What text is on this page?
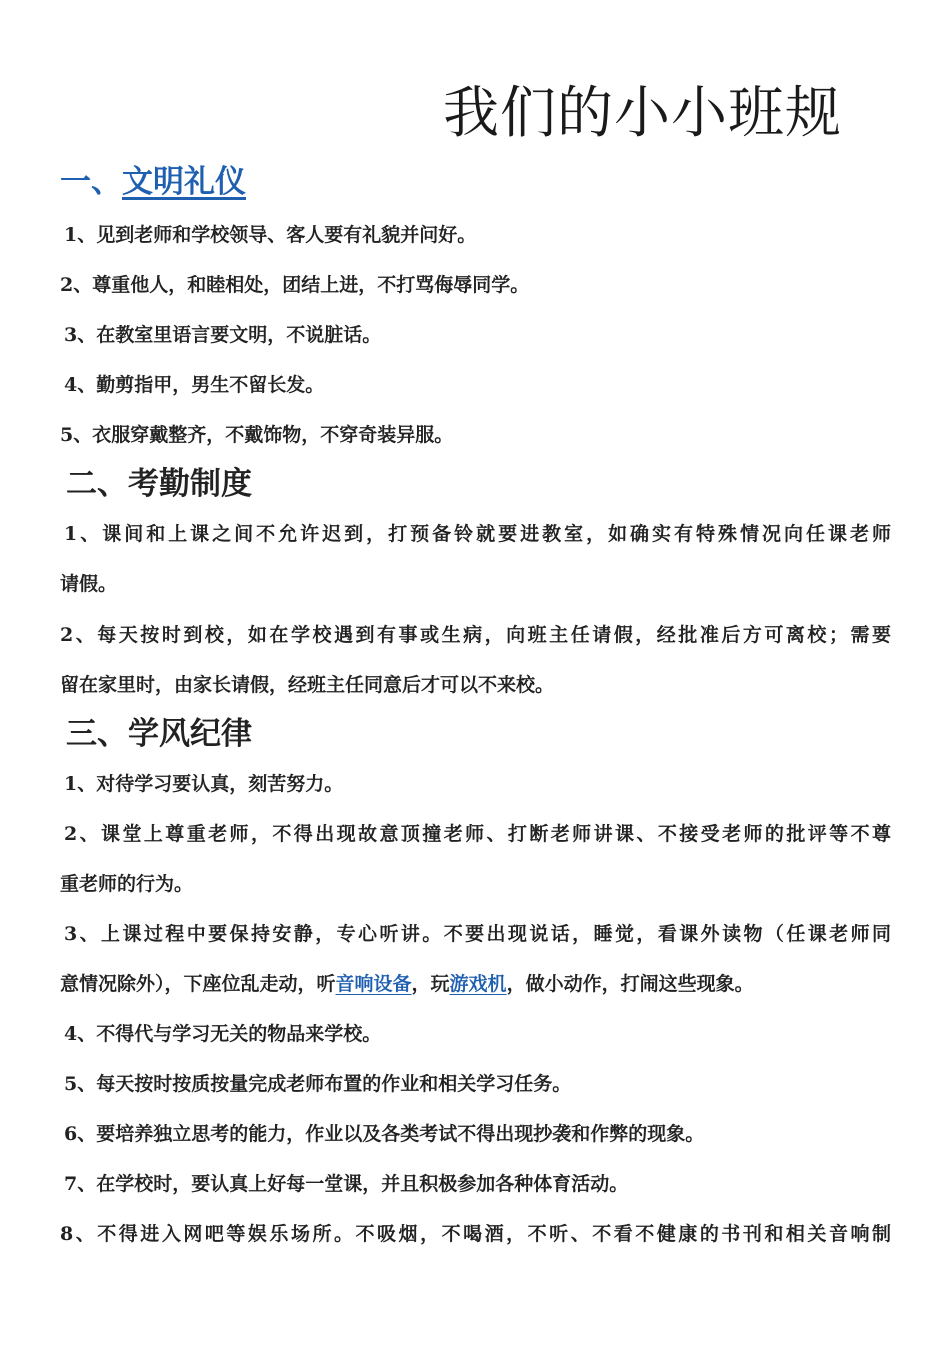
我们的小小班规
一、文明礼仪
1、见到老师和学校领导、客人要有礼貌并问好。
2、尊重他人，和睦相处，团结上进，不打骂侮辱同学。
3、在教室里语言要文明，不说脏话。
4、勤剪指甲，男生不留长发。
5、衣服穿戴整齐，不戴饰物，不穿奇装异服。
二、考勤制度
1、课间和上课之间不允许迟到，打预备铃就要进教室，如确实有特殊情况向任课老师
请假。
2、每天按时到校，如在学校遇到有事或生病，向班主任请假，经批准后方可离校；需要
留在家里时，由家长请假，经班主任同意后才可以不来校。
三、学风纪律
1、对待学习要认真，刻苦努力。
2、课堂上尊重老师，不得出现故意顶撞老师、打断老师讲课、不接受老师的批评等不尊
重老师的行为。
3、上课过程中要保持安静，专心听讲。不要出现说话，睡觉，看课外读物（任课老师同
意情况除外），下座位乱走动，听音响设备，玩游戏机，做小动作，打闹这些现象。
4、不得代与学习无关的物品来学校。
5、每天按时按质按量完成老师布置的作业和相关学习任务。
6、要培养独立思考的能力，作业以及各类考试不得出现抄袭和作弊的现象。
7、在学校时，要认真上好每一堂课，并且积极参加各种体育活动。
8、不得进入网吧等娱乐场所。不吸烟，不喝酒，不听、不看不健康的书刊和相关音响制
